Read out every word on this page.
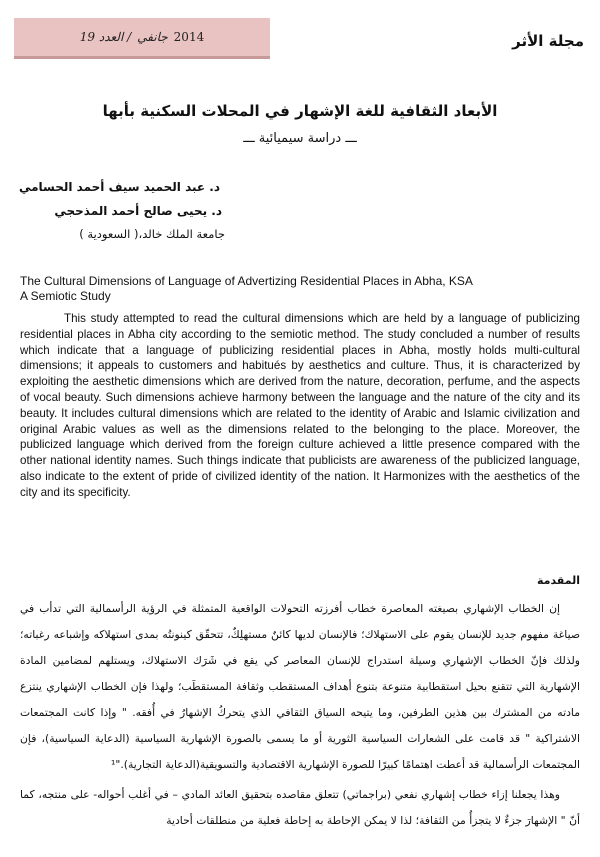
العدد 19 / جانفي 2014	مجلة الأثر
الأبعاد الثقافية للغة الإشهار في المحلات السكنية بأبها
ـــ دراسة سيميائية ـــ
د. عبد الحميد سيف أحمد الحسامي
د. يحيى صالح أحمد المذحجي
جامعة الملك خالد،( السعودية )
The Cultural Dimensions of Language of Advertizing Residential Places in Abha, KSA
A Semiotic Study

This study attempted to read the cultural dimensions which are held by a language of publicizing residential places in Abha city according to the semiotic method. The study concluded a number of results which indicate that a language of publicizing residential places in Abha, mostly holds multi-cultural dimensions; it appeals to customers and habitués by aesthetics and culture. Thus, it is characterized by exploiting the aesthetic dimensions which are derived from the nature, decoration, perfume, and the aspects of vocal beauty. Such dimensions achieve harmony between the language and the nature of the city and its beauty. It includes cultural dimensions which are related to the identity of Arabic and Islamic civilization and original Arabic values as well as the dimensions related to the belonging to the place. Moreover, the publicized language which derived from the foreign culture achieved a little presence compared with the other national identity names. Such things indicate that publicists are awareness of the publicized language, also indicate to the extent of pride of civilized identity of the nation. It Harmonizes with the aesthetics of the city and its specificity.

المقدمة

إن الخطاب الإشهاري بصيغته المعاصرة خطاب أفرزته التحولات الواقعية المتمثلة في الرؤية الرأسمالية التي تدأب في صياغة مفهوم جديد للإنسان يقوم على الاستهلاك؛ فالإنسان لديها كائنٌ مستهلِكٌ، تتحقّق كينونتُه بمدى استهلاكه وإشباعه رغباته؛ ولذلك فإنّ الخطاب الإشهاري وسيلة استدراج للإنسان المعاصر كي يقع في شَرَك الاستهلاك، ويستلهم لمضامين المادة الإشهارية التي تتقنع بحيل استقطابية متنوعة بتنوع أهداف المستقطب وثقافة المستقطَب؛ ولهذا فإن الخطاب الإشهاري ينتزع مادته من المشترك بين هذين الطرفين، وما يتيحه السياق الثقافي الذي يتحركُ الإشهارُ في أُفقه. " وإذا كانت المجتمعات الاشتراكية " قد قامت على الشعارات السياسية الثورية أو ما يسمى بالصورة الإشهارية السياسية (الدعاية السياسية)، فإن المجتمعات الرأسمالية قد أعطت اهتمامًا كبيرًا للصورة الإشهارية الاقتصادية والتسويقية(الدعاية التجارية)."¹

وهذا يجعلنا إزاء خطاب إشهاري نفعي (براجماتي) تتعلق مقاصده بتحقيق العائد المادي – في أغلب أحواله- على منتجه، كما أنّ " الإشهارَ جزءٌ لا يتجزأُ من الثقافة؛ لذا لا يمكن الإحاطة به إحاطة فعلية من منطلقات أحادية
